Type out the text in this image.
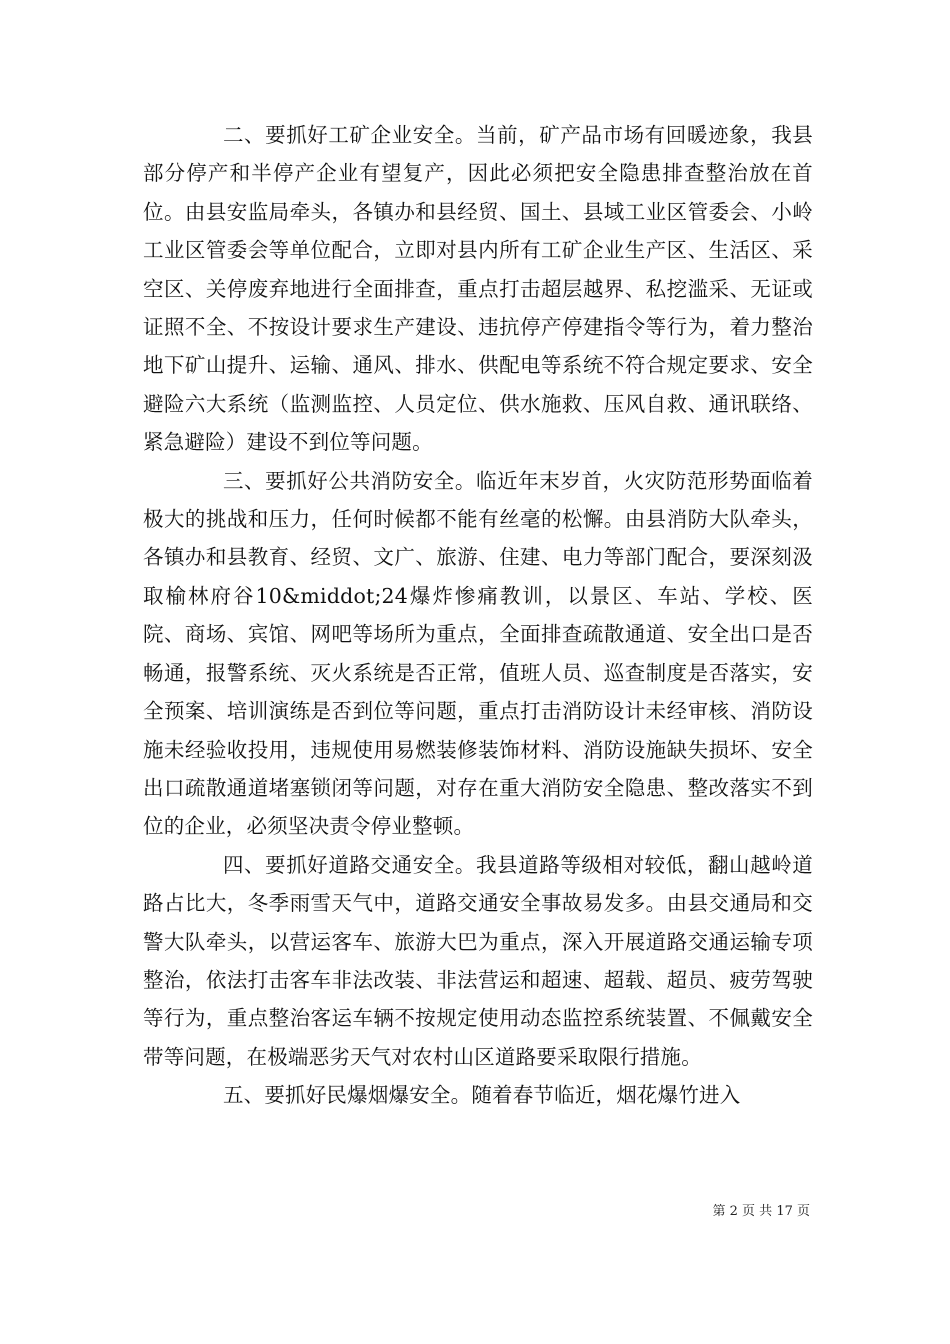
二、要抓好工矿企业安全。当前，矿产品市场有回暖迹象，我县部分停产和半停产企业有望复产，因此必须把安全隐患排查整治放在首位。由县安监局牵头，各镇办和县经贸、国土、县域工业区管委会、小岭工业区管委会等单位配合，立即对县内所有工矿企业生产区、生活区、采空区、关停废弃地进行全面排查，重点打击超层越界、私挖滥采、无证或证照不全、不按设计要求生产建设、违抗停产停建指令等行为，着力整治地下矿山提升、运输、通风、排水、供配电等系统不符合规定要求、安全避险六大系统（监测监控、人员定位、供水施救、压风自救、通讯联络、紧急避险）建设不到位等问题。

三、要抓好公共消防安全。临近年末岁首，火灾防范形势面临着极大的挑战和压力，任何时候都不能有丝毫的松懈。由县消防大队牵头，各镇办和县教育、经贸、文广、旅游、住建、电力等部门配合，要深刻汲取榆林府谷10&middot;24爆炸惨痛教训，以景区、车站、学校、医院、商场、宾馆、网吧等场所为重点，全面排查疏散通道、安全出口是否畅通，报警系统、灭火系统是否正常，值班人员、巡查制度是否落实，安全预案、培训演练是否到位等问题，重点打击消防设计未经审核、消防设施未经验收投用，违规使用易燃装修装饰材料、消防设施缺失损坏、安全出口疏散通道堵塞锁闭等问题，对存在重大消防安全隐患、整改落实不到位的企业，必须坚决责令停业整顿。

四、要抓好道路交通安全。我县道路等级相对较低，翻山越岭道路占比大，冬季雨雪天气中，道路交通安全事故易发多。由县交通局和交警大队牵头，以营运客车、旅游大巴为重点，深入开展道路交通运输专项整治，依法打击客车非法改装、非法营运和超速、超载、超员、疲劳驾驶等行为，重点整治客运车辆不按规定使用动态监控系统装置、不佩戴安全带等问题，在极端恶劣天气对农村山区道路要采取限行措施。

五、要抓好民爆烟爆安全。随着春节临近，烟花爆竹进入

第 2 页 共 17 页
